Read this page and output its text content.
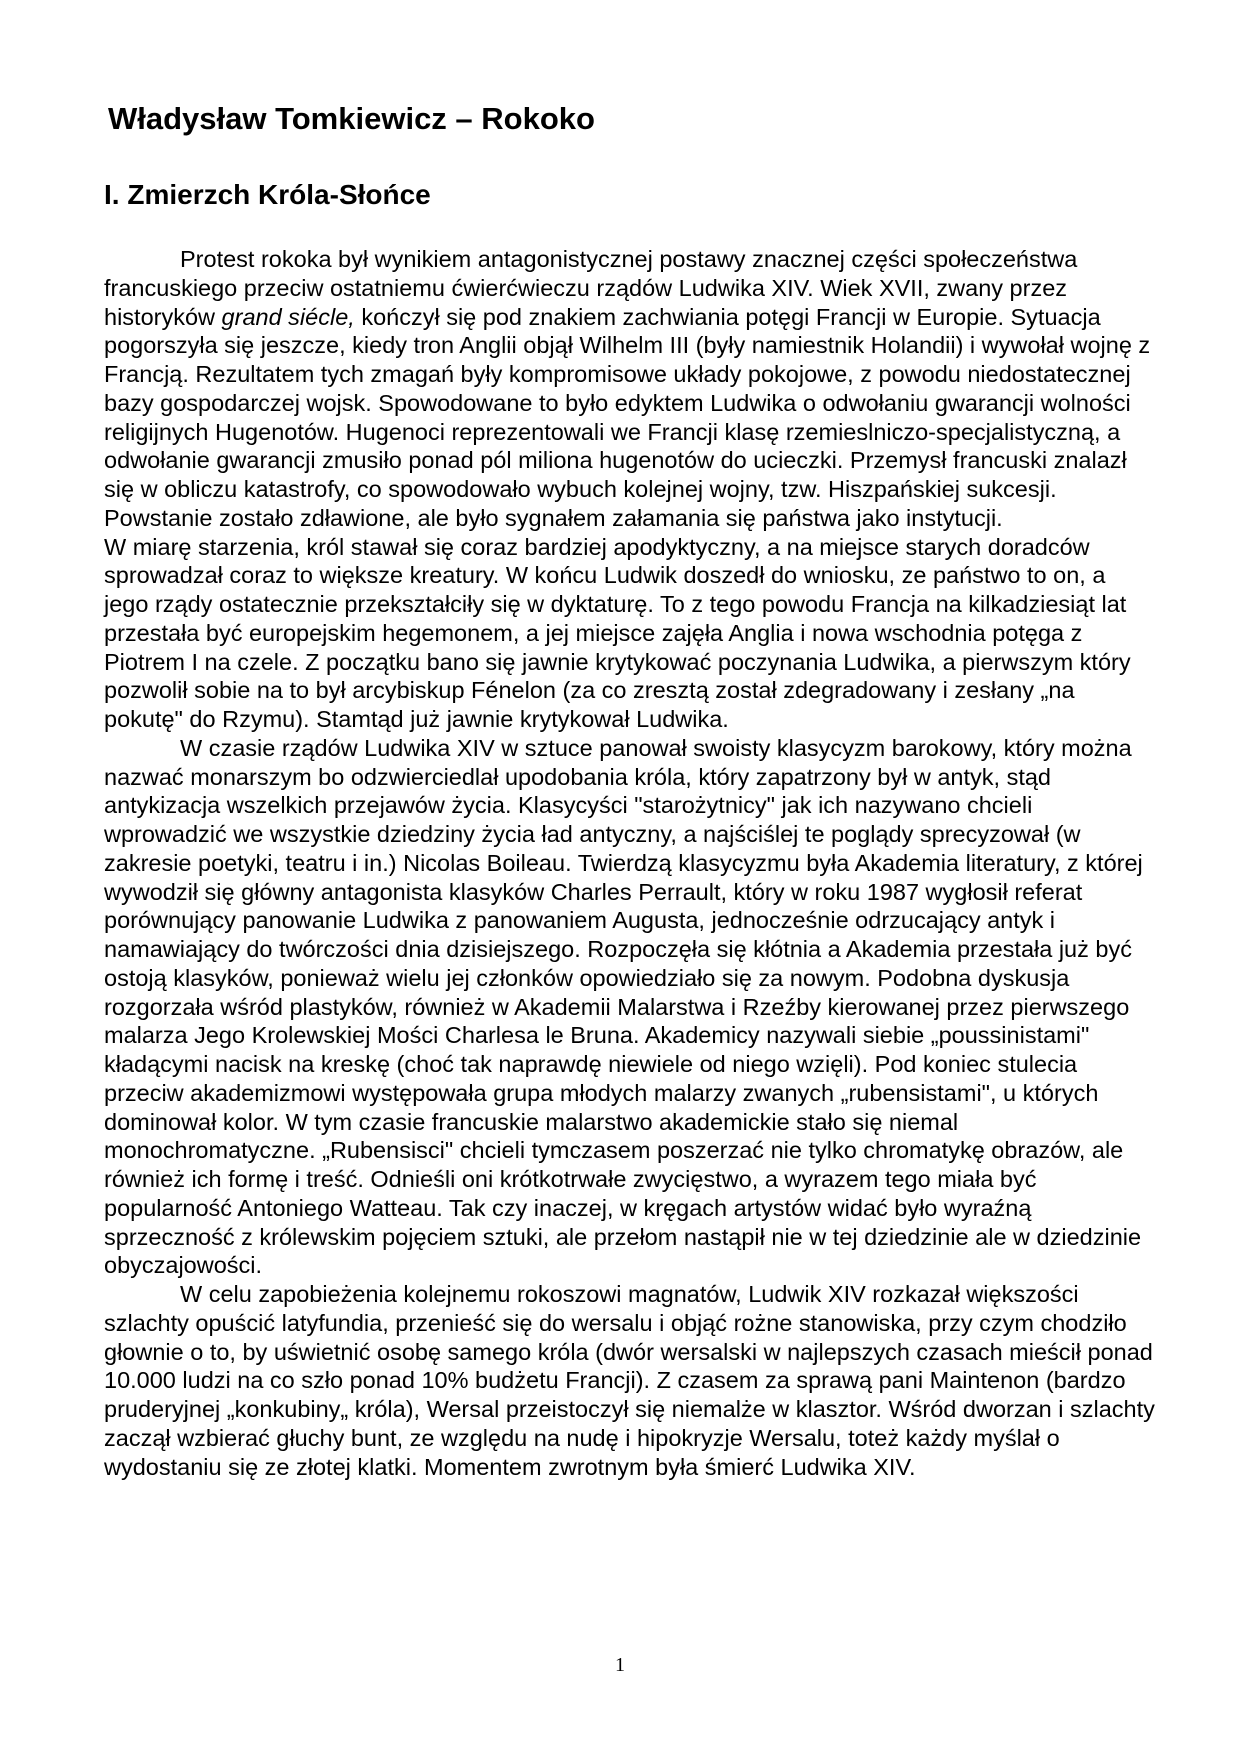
Władysław Tomkiewicz – Rokoko
I. Zmierzch Króla-Słońce

Protest rokoka był wynikiem antagonistycznej postawy znacznej części społeczeństwa francuskiego przeciw ostatniemu ćwierćwieczu rządów Ludwika XIV. Wiek XVII, zwany przez historyków grand siécle, kończył się pod znakiem zachwiania potęgi Francji w Europie. Sytuacja pogorszyła się jeszcze, kiedy tron Anglii objął Wilhelm III (były namiestnik Holandii) i wywołał wojnę z Francją. Rezultatem tych zmagań były kompromisowe układy pokojowe, z powodu niedostatecznej bazy gospodarczej wojsk. Spowodowane to było edyktem Ludwika o odwołaniu gwarancji wolności religijnych Hugenotów. Hugenoci reprezentowali we Francji klasę rzemieslniczo-specjalistyczną, a odwołanie gwarancji zmusiło ponad pól miliona hugenotów do ucieczki. Przemysł francuski znalazł się w obliczu katastrofy, co spowodowało wybuch kolejnej wojny, tzw. Hiszpańskiej sukcesji. Powstanie zostało zdławione, ale było sygnałem załamania się państwa jako instytucji.

W miarę starzenia, król stawał się coraz bardziej apodyktyczny, a na miejsce starych doradców sprowadzał coraz to większe kreatury. W końcu Ludwik doszedł do wniosku, ze państwo to on, a jego rządy ostatecznie przekształciły się w dyktaturę. To z tego powodu Francja na kilkadziesiąt lat przestała być europejskim hegemonem, a jej miejsce zajęła Anglia i nowa wschodnia potęga z Piotrem I na czele. Z początku bano się jawnie krytykować poczynania Ludwika, a pierwszym który pozwolił sobie na to był arcybiskup Fénelon (za co zresztą został zdegradowany i zesłany „na pokutę" do Rzymu). Stamtąd już jawnie krytykował Ludwika.

W czasie rządów Ludwika XIV w sztuce panował swoisty klasycyzm barokowy, który można nazwać monarszym bo odzwierciedlał upodobania króla, który zapatrzony był w antyk, stąd antykizacja wszelkich przejawów życia. Klasycyści "starożytnicy" jak ich nazywano chcieli wprowadzić we wszystkie dziedziny życia ład antyczny, a najściślej te poglądy sprecyzował (w zakresie poetyki, teatru i in.) Nicolas Boileau. Twierdzą klasycyzmu była Akademia literatury, z której wywodził się główny antagonista klasyków Charles Perrault, który w roku 1987 wygłosił referat porównujący panowanie Ludwika z panowaniem Augusta, jednocześnie odrzucający antyk i namawiający do twórczości dnia dzisiejszego. Rozpoczęła się kłótnia a Akademia przestała już być ostoją klasyków, ponieważ wielu jej członków opowiedziało się za nowym. Podobna dyskusja rozgorzała wśród plastyków, również w Akademii Malarstwa i Rzeźby kierowanej przez pierwszego malarza Jego Krolewskiej Mości Charlesa le Bruna. Akademicy nazywali siebie „poussinistami" kładącymi nacisk na kreskę (choć tak naprawdę niewiele od niego wzięli). Pod koniec stulecia przeciw akademizmowi występowała grupa młodych malarzy zwanych „rubensistami", u których dominował kolor. W tym czasie francuskie malarstwo akademickie stało się niemal monochromatyczne. „Rubensisci" chcieli tymczasem poszerzać nie tylko chromatykę obrazów, ale również ich formę i treść. Odnieśli oni krótkotrwałe zwycięstwo, a wyrazem tego miała być popularność Antoniego Watteau. Tak czy inaczej, w kręgach artystów widać było wyraźną sprzeczność z królewskim pojęciem sztuki, ale przełom nastąpił nie w tej dziedzinie ale w dziedzinie obyczajowości.

W celu zapobieżenia kolejnemu rokoszowi magnatów, Ludwik XIV rozkazał większości szlachty opuścić latyfundia, przenieść się do wersalu i objąć rożne stanowiska, przy czym chodziło głownie o to, by uświetnić osobę samego króla (dwór wersalski w najlepszych czasach mieścił ponad 10.000 ludzi na co szło ponad 10% budżetu Francji). Z czasem za sprawą pani Maintenon (bardzo pruderyjnej „konkubiny„ króla), Wersal przeistoczył się niemalże w klasztor. Wśród dworzan i szlachty zaczął wzbierać głuchy bunt, ze względu na nudę i hipokryzje Wersalu, toteż każdy myślał o wydostaniu się ze złotej klatki. Momentem zwrotnym była śmierć Ludwika XIV.

1
